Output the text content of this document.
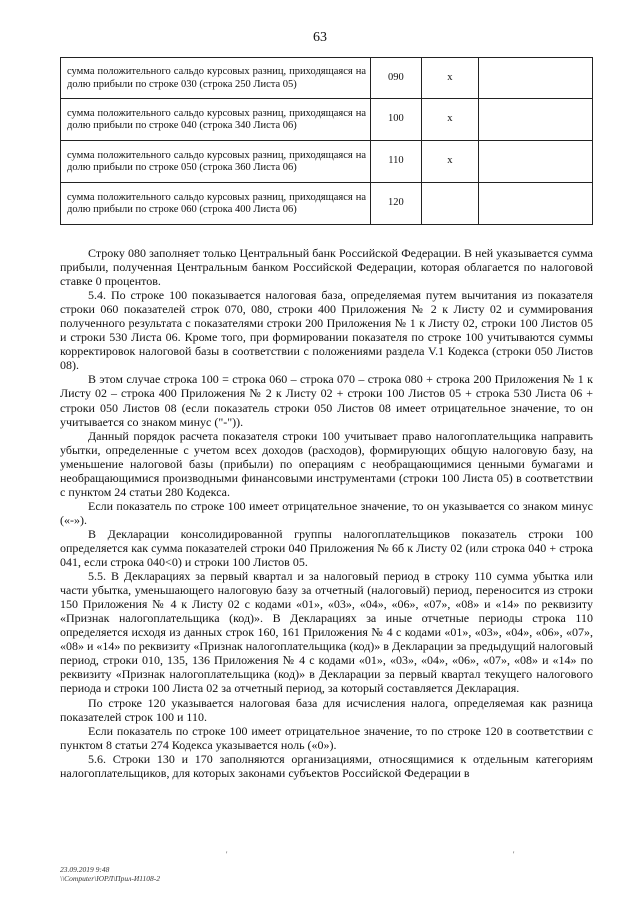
63
сумма положительного сальдо курсовых разниц, приходящаяся на долю прибыли по строке 030 (строка 250 Листа 05)	090	х	
сумма положительного сальдо курсовых разниц, приходящаяся на долю прибыли по строке 040 (строка 340 Листа 06)	100	х	
сумма положительного сальдо курсовых разниц, приходящаяся на долю прибыли по строке 050 (строка 360 Листа 06)	110	х	
сумма положительного сальдо курсовых разниц, приходящаяся на долю прибыли по строке 060 (строка 400 Листа 06)	120		

Строку 080 заполняет только Центральный банк Российской Федерации. В ней указывается сумма прибыли, полученная Центральным банком Российской Федерации, которая облагается по налоговой ставке 0 процентов.

5.4. По строке 100 показывается налоговая база, определяемая путем вычитания из показателя строки 060 показателей строк 070, 080, строки 400 Приложения № 2 к Листу 02 и суммирования полученного результата с показателями строки 200 Приложения № 1 к Листу 02, строки 100 Листов 05 и строки 530 Листа 06. Кроме того, при формировании показателя по строке 100 учитываются суммы корректировок налоговой базы в соответствии с положениями раздела V.1 Кодекса (строки 050 Листов 08).

В этом случае строка 100 = строка 060 – строка 070 – строка 080 + строка 200 Приложения № 1 к Листу 02 – строка 400 Приложения № 2 к Листу 02 + строки 100 Листов 05 + строка 530 Листа 06 + строки 050 Листов 08 (если показатель строки 050 Листов 08 имеет отрицательное значение, то он учитывается со знаком минус ("-")).

Данный порядок расчета показателя строки 100 учитывает право налогоплательщика направить убытки, определенные с учетом всех доходов (расходов), формирующих общую налоговую базу, на уменьшение налоговой базы (прибыли) по операциям с необращающимися ценными бумагами и необращающимися производными финансовыми инструментами (строки 100 Листа 05) в соответствии с пунктом 24 статьи 280 Кодекса.

Если показатель по строке 100 имеет отрицательное значение, то он указывается со знаком минус («-»).

В Декларации консолидированной группы налогоплательщиков показатель строки 100 определяется как сумма показателей строки 040 Приложения № 6б к Листу 02 (или строка 040 + строка 041, если строка 040<0) и строки 100 Листов 05.

5.5. В Декларациях за первый квартал и за налоговый период в строку 110 сумма убытка или части убытка, уменьшающего налоговую базу за отчетный (налоговый) период, переносится из строки 150 Приложения № 4 к Листу 02 с кодами «01», «03», «04», «06», «07», «08» и «14» по реквизиту «Признак налогоплательщика (код)». В Декларациях за иные отчетные периоды строка 110 определяется исходя из данных строк 160, 161 Приложения № 4 с кодами «01», «03», «04», «06», «07», «08» и «14» по реквизиту «Признак налогоплательщика (код)» в Декларации за предыдущий налоговый период, строки 010, 135, 136 Приложения № 4 с кодами «01», «03», «04», «06», «07», «08» и «14» по реквизиту «Признак налогоплательщика (код)» в Декларации за первый квартал текущего налогового периода и строки 100 Листа 02 за отчетный период, за который составляется Декларация.

По строке 120 указывается налоговая база для исчисления налога, определяемая как разница показателей строк 100 и 110.

Если показатель по строке 100 имеет отрицательное значение, то по строке 120 в соответствии с пунктом 8 статьи 274 Кодекса указывается ноль («0»).

5.6. Строки 130 и 170 заполняются организациями, относящимися к отдельным категориям налогоплательщиков, для которых законами субъектов Российской Федерации в

'	'
23.09.2019 9:48
\\Computer\ЮРЛ\Прил-И1108-2
